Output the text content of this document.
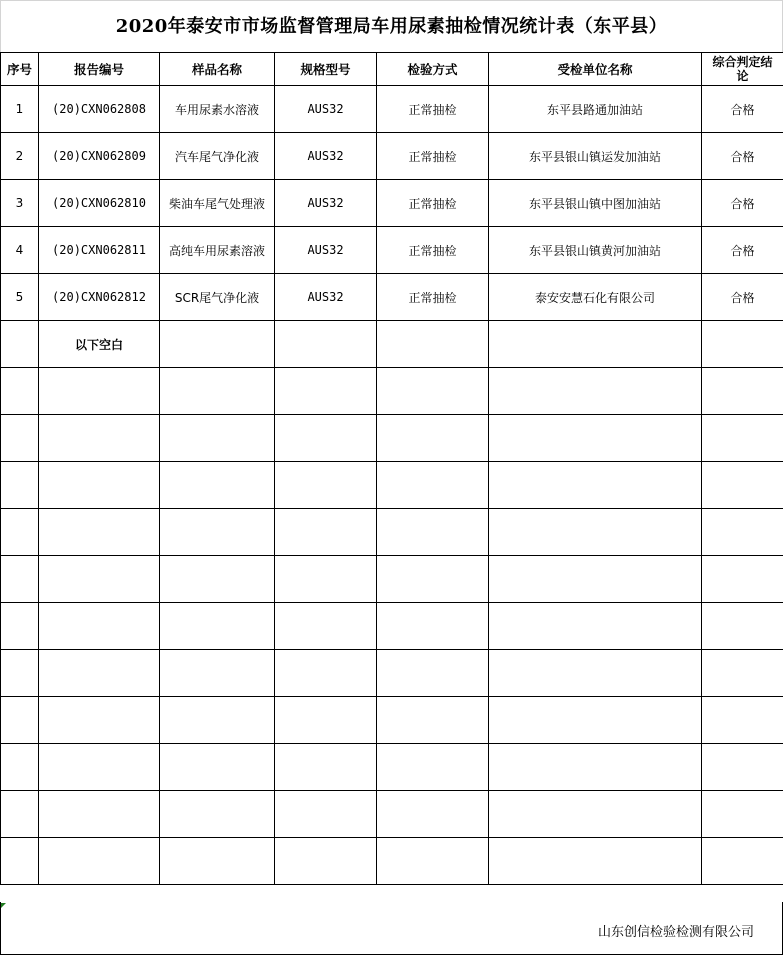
2020年泰安市市场监督管理局车用尿素抽检情况统计表（东平县）
序号	报告编号	样品名称	规格型号	检验方式	受检单位名称	综合判定结论
1	(20)CXN062808	车用尿素水溶液	AUS32	正常抽检	东平县路通加油站	合格
2	(20)CXN062809	汽车尾气净化液	AUS32	正常抽检	东平县银山镇运发加油站	合格
3	(20)CXN062810	柴油车尾气处理液	AUS32	正常抽检	东平县银山镇中图加油站	合格
4	(20)CXN062811	高纯车用尿素溶液	AUS32	正常抽检	东平县银山镇黄河加油站	合格
5	(20)CXN062812	SCR尾气净化液	AUS32	正常抽检	泰安安慧石化有限公司	合格
	以下空白					

山东创信检验检测有限公司
